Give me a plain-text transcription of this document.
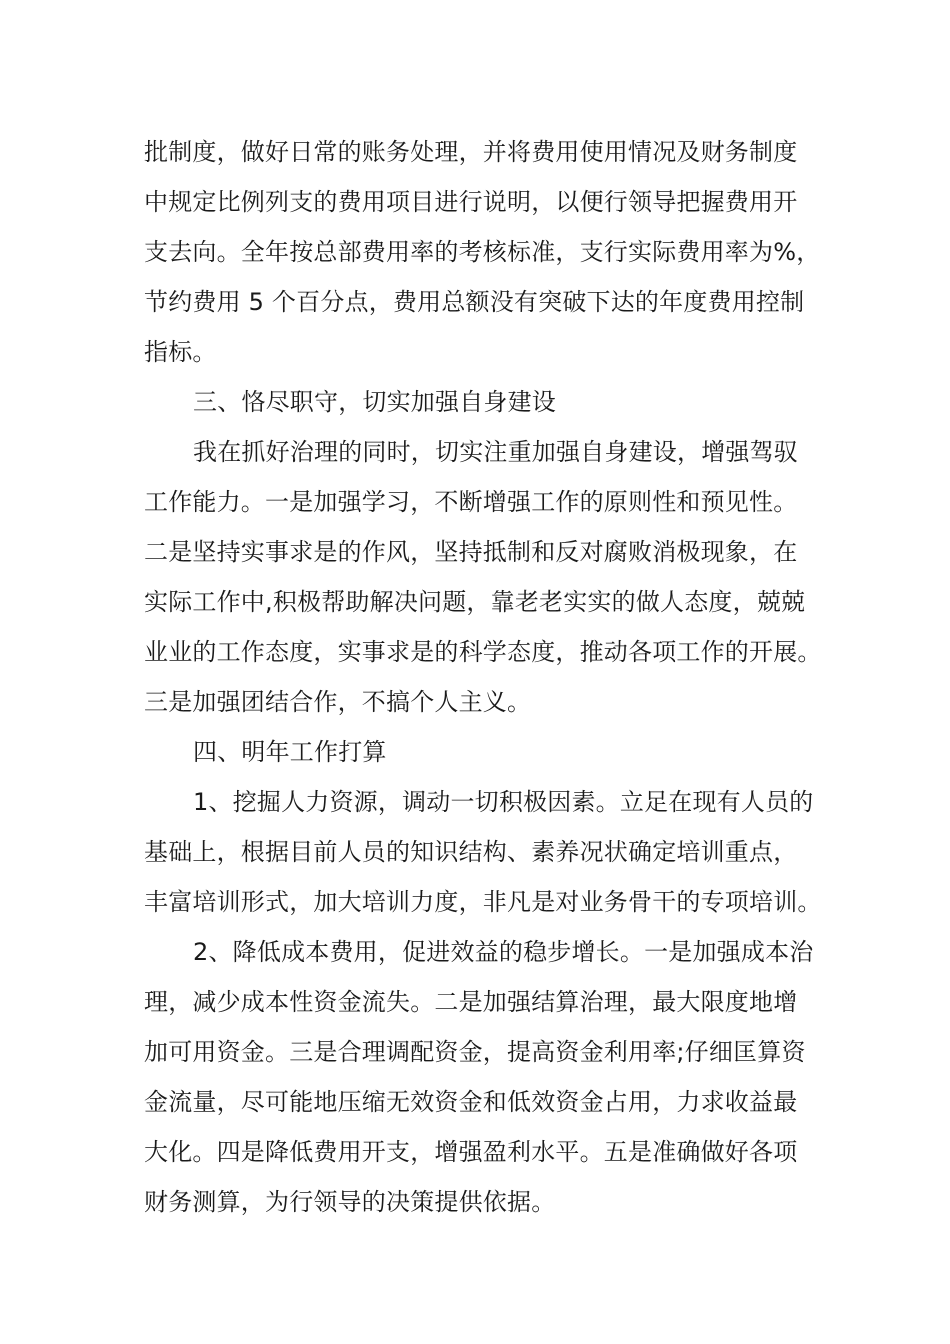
批制度，做好日常的账务处理，并将费用使用情况及财务制度
中规定比例列支的费用项目进行说明，以便行领导把握费用开
支去向。全年按总部费用率的考核标准，支行实际费用率为%，
节约费用 5 个百分点，费用总额没有突破下达的年度费用控制
指标。
三、恪尽职守，切实加强自身建设
我在抓好治理的同时，切实注重加强自身建设，增强驾驭
工作能力。一是加强学习，不断增强工作的原则性和预见性。
二是坚持实事求是的作风，坚持抵制和反对腐败消极现象，在
实际工作中,积极帮助解决问题，靠老老实实的做人态度，兢兢
业业的工作态度，实事求是的科学态度，推动各项工作的开展。
三是加强团结合作，不搞个人主义。
四、明年工作打算
1、挖掘人力资源，调动一切积极因素。立足在现有人员的
基础上，根据目前人员的知识结构、素养况状确定培训重点，
丰富培训形式，加大培训力度，非凡是对业务骨干的专项培训。
2、降低成本费用，促进效益的稳步增长。一是加强成本治
理，减少成本性资金流失。二是加强结算治理，最大限度地增
加可用资金。三是合理调配资金，提高资金利用率;仔细匡算资
金流量，尽可能地压缩无效资金和低效资金占用，力求收益最
大化。四是降低费用开支，增强盈利水平。五是准确做好各项
财务测算，为行领导的决策提供依据。
